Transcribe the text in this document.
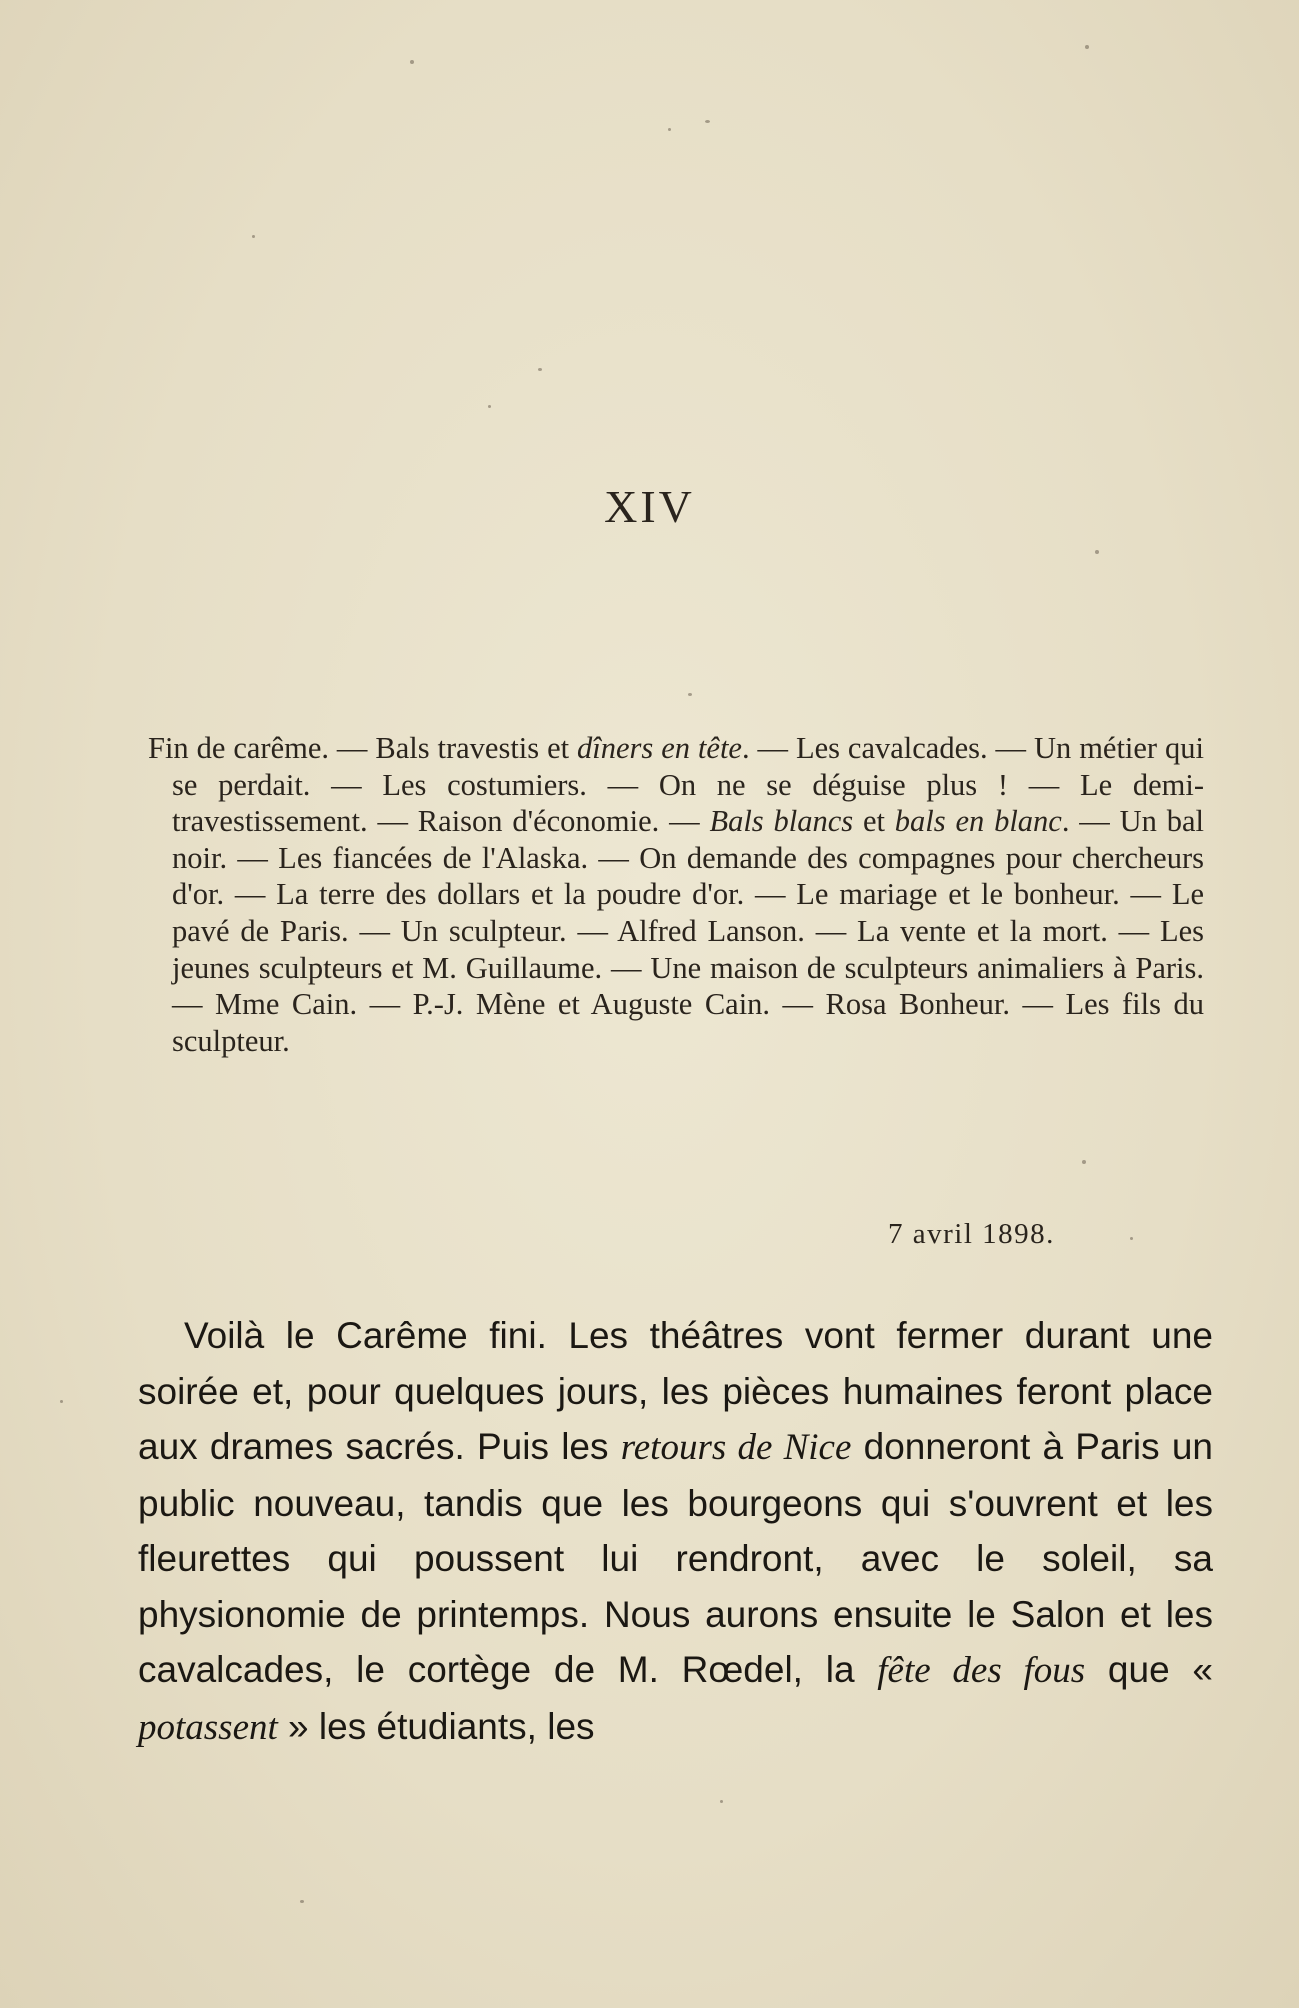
XIV
Fin de carême. — Bals travestis et dîners en tête. — Les cavalcades. — Un métier qui se perdait. — Les costumiers. — On ne se déguise plus ! — Le demi-travestissement. — Raison d'économie. — Bals blancs et bals en blanc. — Un bal noir. — Les fiancées de l'Alaska. — On demande des compagnes pour chercheurs d'or. — La terre des dollars et la poudre d'or. — Le mariage et le bonheur. — Le pavé de Paris. — Un sculpteur. — Alfred Lanson. — La vente et la mort. — Les jeunes sculpteurs et M. Guillaume. — Une maison de sculpteurs animaliers à Paris. — Mme Cain. — P.-J. Mène et Auguste Cain. — Rosa Bonheur. — Les fils du sculpteur.
7 avril 1898.
Voilà le Carême fini. Les théâtres vont fermer durant une soirée et, pour quelques jours, les pièces humaines feront place aux drames sacrés. Puis les retours de Nice donneront à Paris un public nouveau, tandis que les bourgeons qui s'ouvrent et les fleurettes qui poussent lui rendront, avec le soleil, sa physionomie de printemps. Nous aurons ensuite le Salon et les cavalcades, le cortège de M. Rœdel, la fête des fous que « potassent » les étudiants, les
